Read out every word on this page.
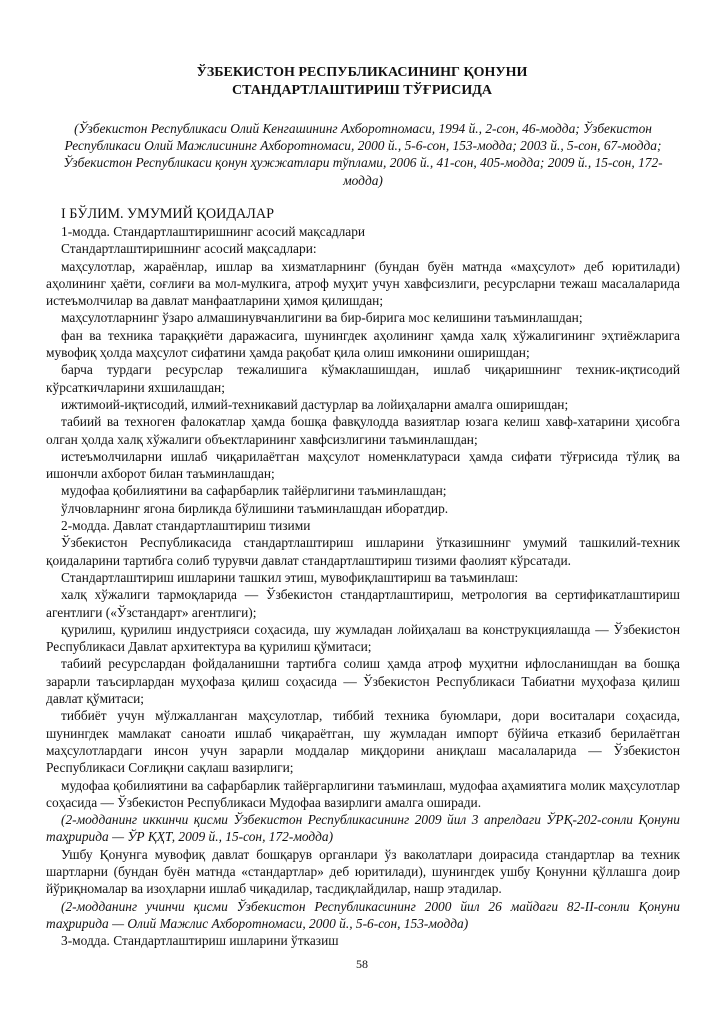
ЎЗБЕКИСТОН РЕСПУБЛИКАСИНИНГ ҚОНУНИ
СТАНДАРТЛАШТИРИШ ТЎҒРИСИДА
(Ўзбекистон Республикаси Олий Кенгашининг Ахборотномаси, 1994 й., 2-сон, 46-модда; Ўзбекистон Республикаси Олий Мажлисининг Ахборотномаси, 2000 й., 5-6-сон, 153-модда; 2003 й., 5-сон, 67-модда; Ўзбекистон Республикаси қонун ҳужжатлари тўплами, 2006 й., 41-сон, 405-модда; 2009 й., 15-сон, 172-модда)

I БЎЛИМ. УМУМИЙ ҚОИДАЛАР

1-модда. Стандартлаштиришнинг асосий мақсадлари

Стандартлаштиришнинг асосий мақсадлари:

маҳсулотлар, жараёнлар, ишлар ва хизматларнинг (бундан буён матнда «маҳсулот» деб юритилади) аҳолининг ҳаёти, соғлиғи ва мол-мулкига, атроф муҳит учун хавфсизлиги, ресурсларни тежаш масалаларида истеъмолчилар ва давлат манфаатларини ҳимоя қилишдан;

маҳсулотларнинг ўзаро алмашинувчанлигини ва бир-бирига мос келишини таъминлашдан;

фан ва техника тараққиёти даражасига, шунингдек аҳолининг ҳамда халқ хўжалигининг эҳтиёжларига мувофиқ ҳолда маҳсулот сифатини ҳамда рақобат қила олиш имконини оширишдан;

барча турдаги ресурслар тежалишига кўмаклашишдан, ишлаб чиқаришнинг техник-иқтисодий кўрсаткичларини яхшилашдан;

ижтимоий-иқтисодий, илмий-техникавий дастурлар ва лойиҳаларни амалга оширишдан;

табиий ва техноген фалокатлар ҳамда бошқа фавқулодда вазиятлар юзага келиш хавф-хатарини ҳисобга олган ҳолда халқ хўжалиги объектларининг хавфсизлигини таъминлашдан;

истеъмолчиларни ишлаб чиқарилаётган маҳсулот номенклатураси ҳамда сифати тўғрисида тўлиқ ва ишончли ахборот билан таъминлашдан;

мудофаа қобилиятини ва сафарбарлик тайёрлигини таъминлашдан;

ўлчовларнинг ягона бирликда бўлишини таъминлашдан иборатдир.

2-модда. Давлат стандартлаштириш тизими

Ўзбекистон Республикасида стандартлаштириш ишларини ўтказишнинг умумий ташкилий-техник қоидаларини тартибга солиб турувчи давлат стандартлаштириш тизими фаолият кўрсатади.

Стандартлаштириш ишларини ташкил этиш, мувофиқлаштириш ва таъминлаш:

халқ хўжалиги тармоқларида — Ўзбекистон стандартлаштириш, метрология ва сертификатлаштириш агентлиги («Ўзстандарт» агентлиги);

қурилиш, қурилиш индустрияси соҳасида, шу жумладан лойиҳалаш ва конструкциялашда — Ўзбекистон Республикаси Давлат архитектура ва қурилиш қўмитаси;

табиий ресурслардан фойдаланишни тартибга солиш ҳамда атроф муҳитни ифлосланишдан ва бошқа зарарли таъсирлардан муҳофаза қилиш соҳасида — Ўзбекистон Республикаси Табиатни муҳофаза қилиш давлат қўмитаси;

тиббиёт учун мўлжалланган маҳсулотлар, тиббий техника буюмлари, дори воситалари соҳасида, шунингдек мамлакат саноати ишлаб чиқараётган, шу жумладан импорт бўйича етказиб берилаётган маҳсулотлардаги инсон учун зарарли моддалар миқдорини аниқлаш масалаларида — Ўзбекистон Республикаси Соғлиқни сақлаш вазирлиги;

мудофаа қобилиятини ва сафарбарлик тайёргарлигини таъминлаш, мудофаа аҳамиятига молик маҳсулотлар соҳасида — Ўзбекистон Республикаси Мудофаа вазирлиги амалга оширади.

(2-модданинг иккинчи қисми Ўзбекистон Республикасининг 2009 йил 3 апрелдаги ЎРҚ-202-сонли Қонуни таҳририда — ЎР ҚҲТ, 2009 й., 15-сон, 172-модда)

Ушбу Қонунга мувофиқ давлат бошқарув органлари ўз ваколатлари доирасида стандартлар ва техник шартларни (бундан буён матнда «стандартлар» деб юритилади), шунингдек ушбу Қонунни қўллашга доир йўриқномалар ва изоҳларни ишлаб чиқадилар, тасдиқлайдилар, нашр этадилар.

(2-модданинг учинчи қисми Ўзбекистон Республикасининг 2000 йил 26 майдаги 82-II-сонли Қонуни таҳририда — Олий Мажлис Ахборотномаси, 2000 й., 5-6-сон, 153-модда)

3-модда. Стандартлаштириш ишларини ўтказиш

58
